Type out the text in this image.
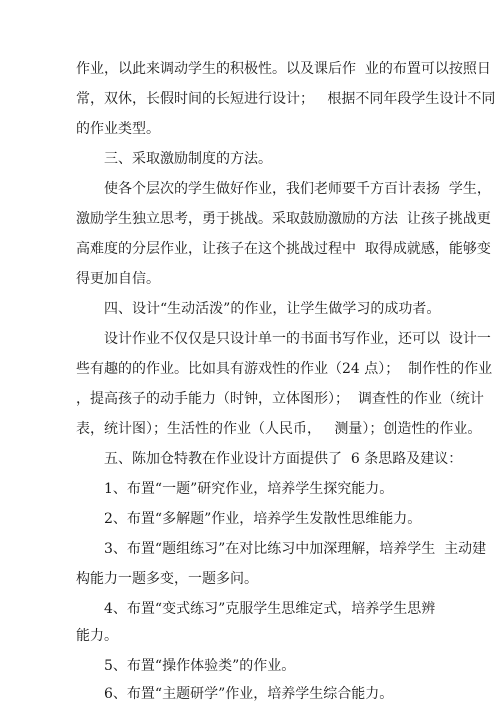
作业，以此来调动学生的积极性。以及课后作  业的布置可以按照日
常，双休，长假时间的长短进行设计；   根据不同年段学生设计不同
的作业类型。
三、采取激励制度的方法。
使各个层次的学生做好作业，我们老师要千方百计表扬  学生，
激励学生独立思考，勇于挑战。采取鼓励激励的方法  让孩子挑战更
高难度的分层作业，让孩子在这个挑战过程中  取得成就感，能够变
得更加自信。
四、设计“生动活泼”的作业，让学生做学习的成功者。
设计作业不仅仅是只设计单一的书面书写作业，还可以  设计一
些有趣的的作业。比如具有游戏性的作业（24 点）；  制作性的作业
，提高孩子的动手能力（时钟，立体图形）；  调查性的作业（统计
表，统计图）；生活性的作业（人民币，   测量）；创造性的作业。
五、陈加仓特教在作业设计方面提供了  6 条思路及建议：
1、布置“一题”研究作业，培养学生探究能力。
2、布置“多解题”作业，培养学生发散性思维能力。
3、布置“题组练习”在对比练习中加深理解，培养学生  主动建
构能力一题多变，一题多问。
4、布置“变式练习”克服学生思维定式，培养学生思辨
能力。
5、布置“操作体验类”的作业。
6、布置“主题研学”作业，培养学生综合能力。
